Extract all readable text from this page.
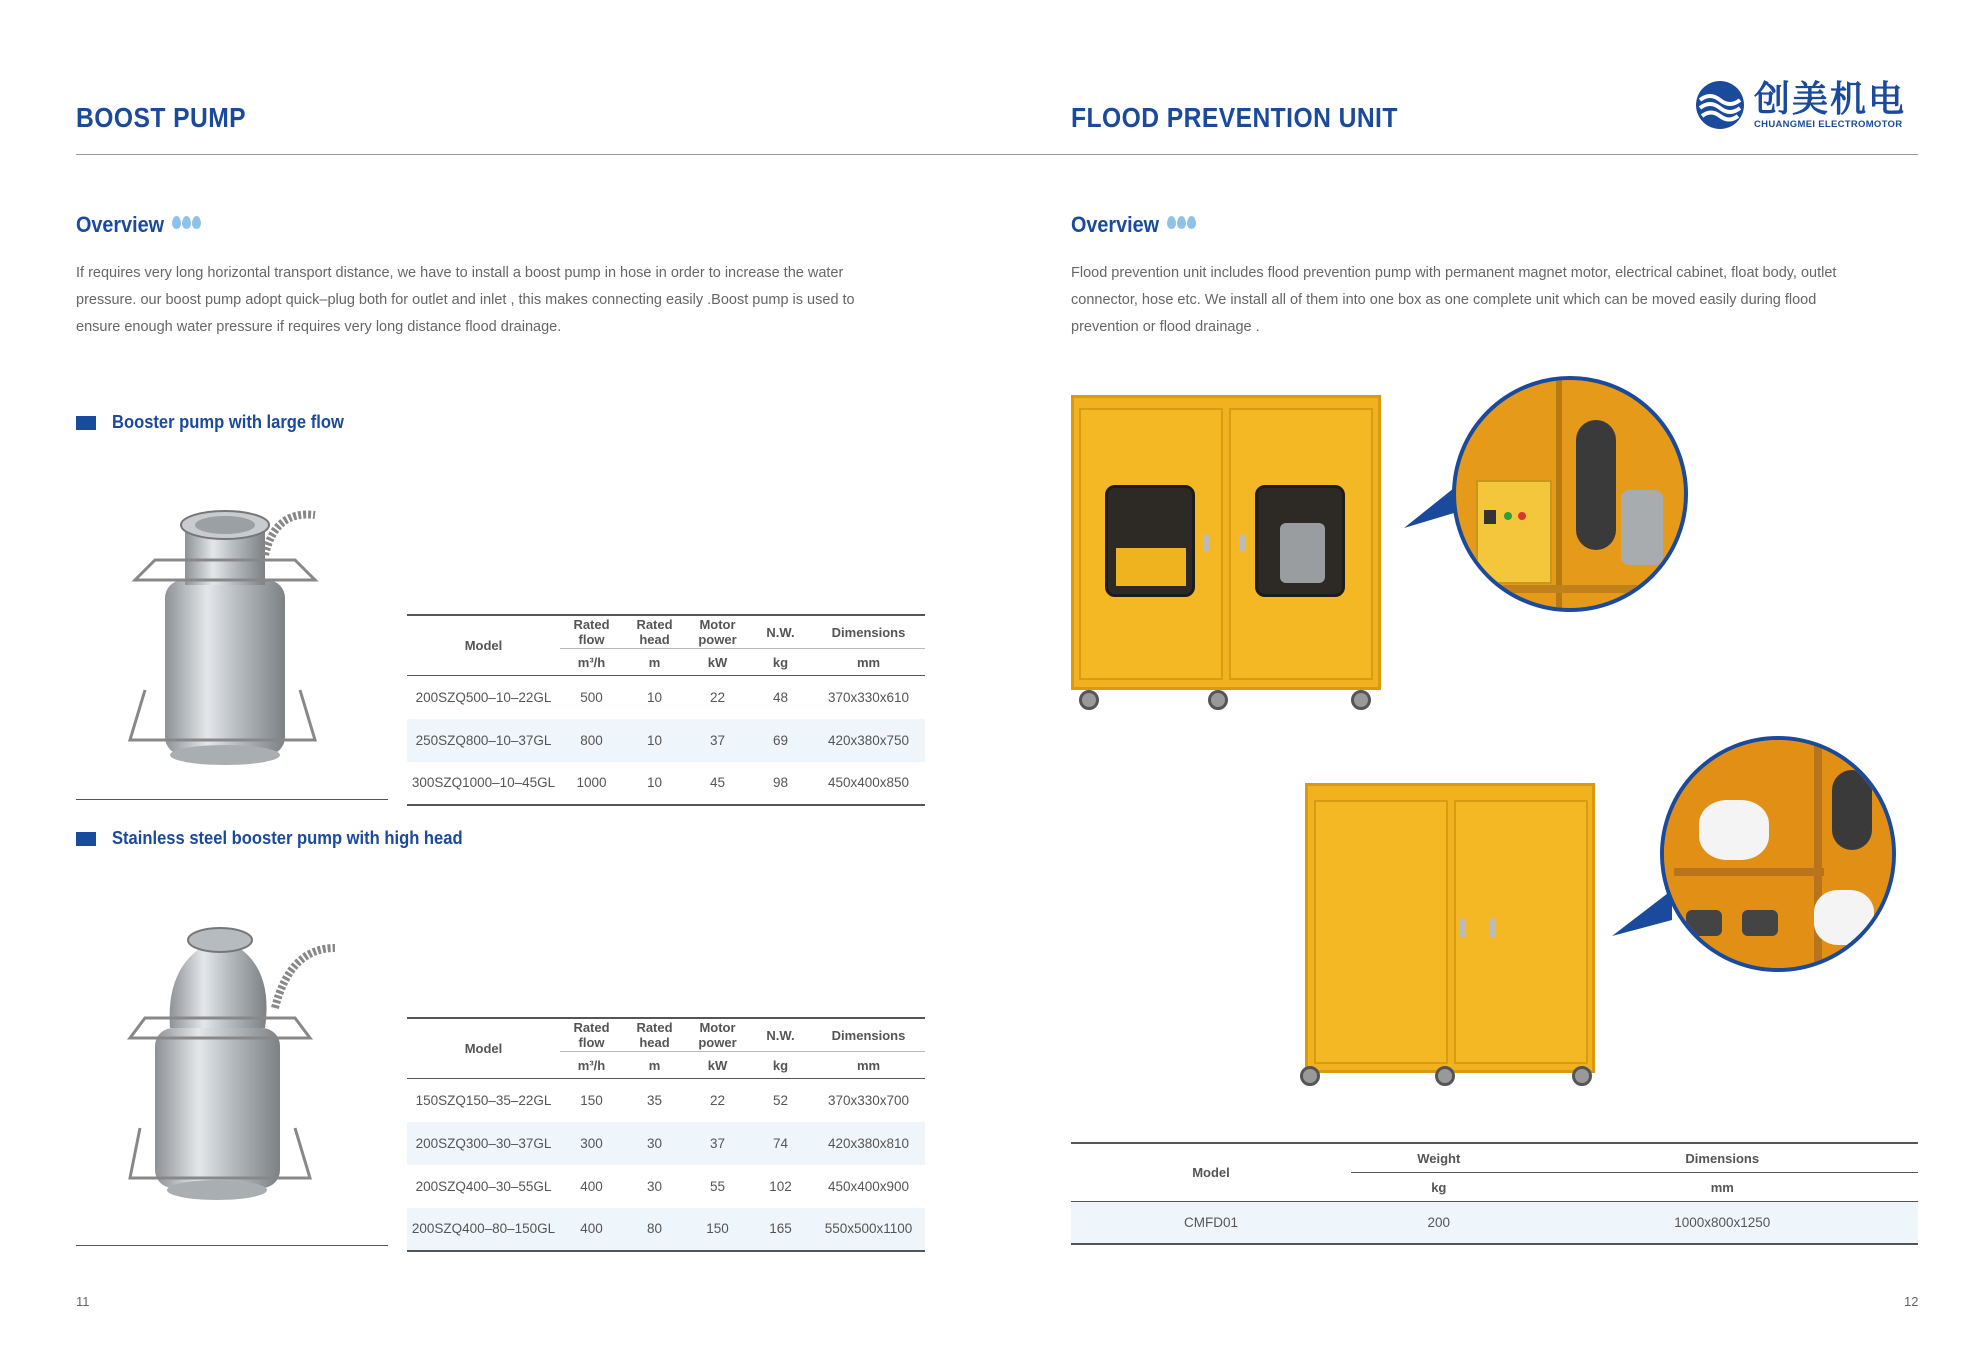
BOOST PUMP
Overview
If requires very long horizontal transport distance, we have to install a boost pump in hose in order to increase the water
pressure. our boost pump adopt quick–plug both for outlet and inlet , this makes connecting easily .Boost pump is used to
ensure enough water pressure if requires very long distance flood drainage.
Booster pump with large flow
Model	Rated flow	Rated head	Motor power	N.W.	Dimensions
	m³/h	m	kW	kg	mm
200SZQ500–10–22GL	500	10	22	48	370x330x610
250SZQ800–10–37GL	800	10	37	69	420x380x750
300SZQ1000–10–45GL	1000	10	45	98	450x400x850
Stainless steel booster pump with high head
Model	Rated flow	Rated head	Motor power	N.W.	Dimensions
	m³/h	m	kW	kg	mm
150SZQ150–35–22GL	150	35	22	52	370x330x700
200SZQ300–30–37GL	300	30	37	74	420x380x810
200SZQ400–30–55GL	400	30	55	102	450x400x900
200SZQ400–80–150GL	400	80	150	165	550x500x1100
11
FLOOD PREVENTION UNIT	创美机电
CHUANGMEI ELECTROMOTOR
Overview
Flood prevention unit includes flood prevention pump with permanent magnet motor, electrical cabinet, float body, outlet
connector, hose etc. We install all of them into one box as one complete unit which can be moved easily during flood
prevention or flood drainage .
Model	Weight	Dimensions
	kg	mm
CMFD01	200	1000x800x1250
12
